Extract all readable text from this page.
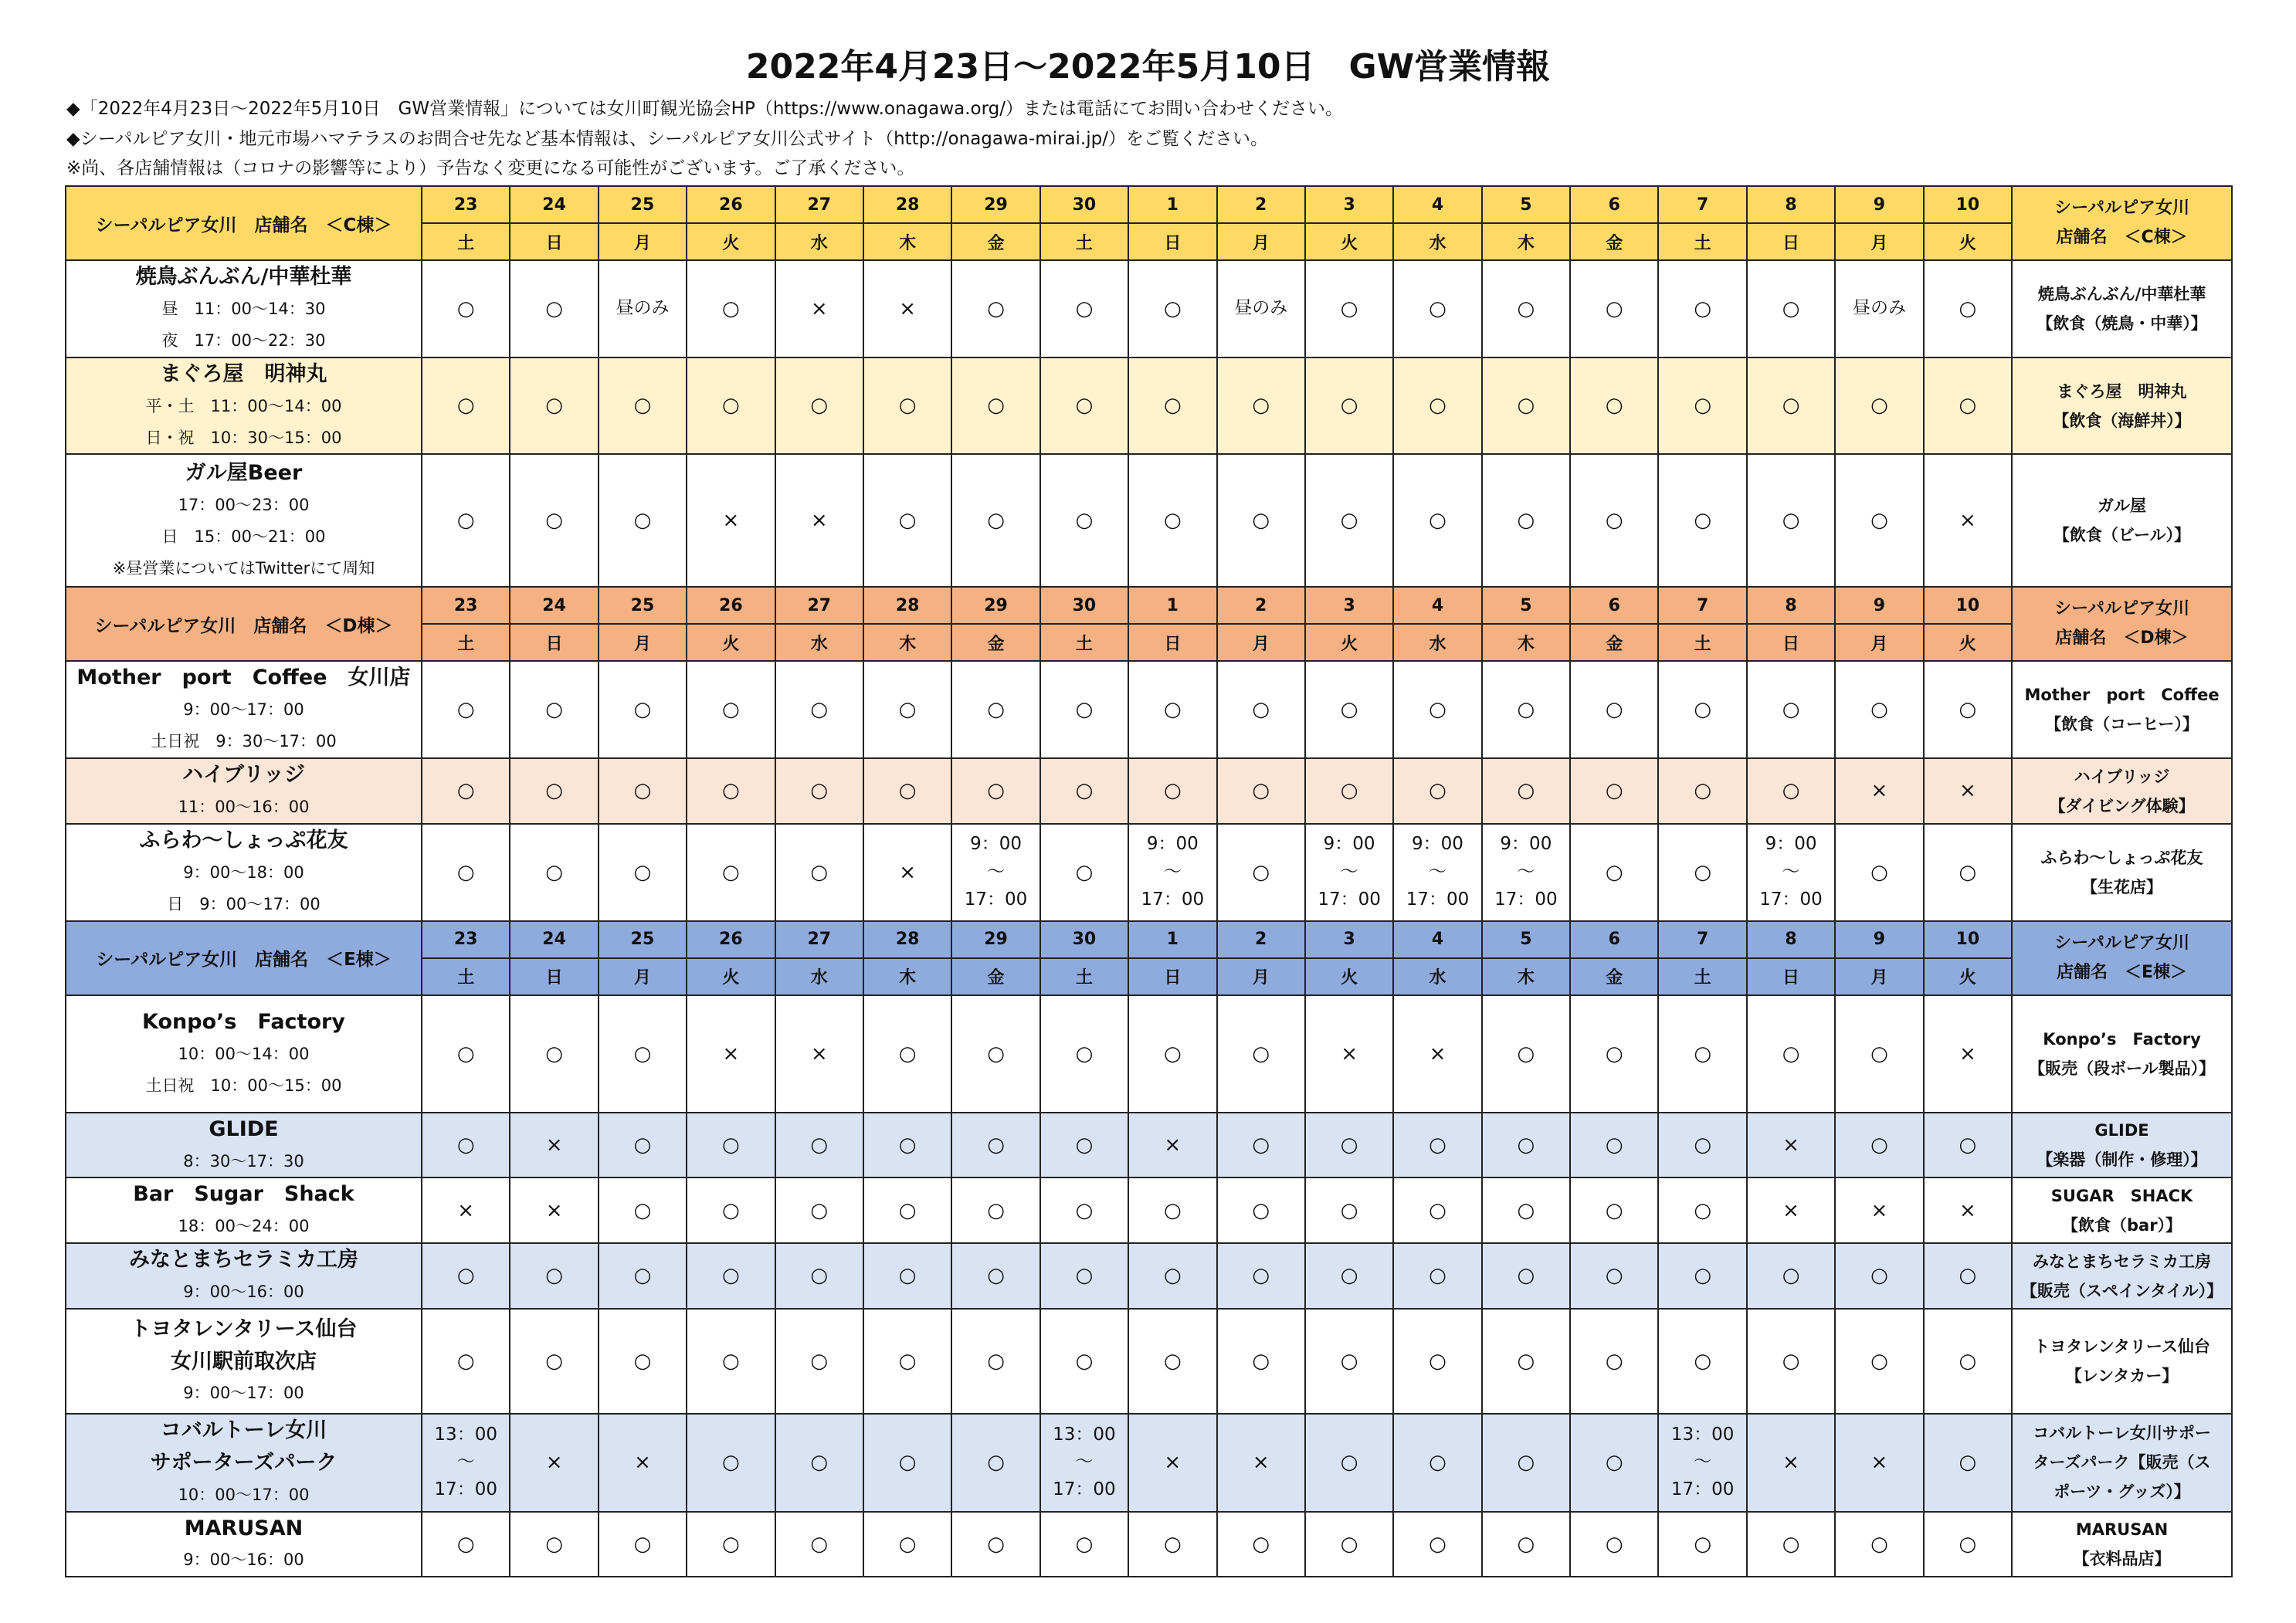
2022年4月23日～2022年5月10日　GW営業情報
◆「2022年4月23日～2022年5月10日　GW営業情報」については女川町観光協会HP（https://www.onagawa.org/）または電話にてお問い合わせください。
◆シーパルピア女川・地元市場ハマテラスのお問合せ先など基本情報は、シーパルピア女川公式サイト（http://onagawa-mirai.jp/）をご覧ください。
※尚、各店舗情報は（コロナの影響等により）予告なく変更になる可能性がございます。ご了承ください。
シーパルピア女川　店舗名　＜C棟＞	23	24	25	26	27	28	29	30	1	2	3	4	5	6	7	8	9	10	シーパルピア女川
店舗名　＜C棟＞

	土	日	月	火	水	木	金	土	日	月	火	水	木	金	土	日	月	火	

焼鳥ぶんぶん/中華杜華
昼　11：00～14：30
夜　17：00～22：30	○	○	昼のみ	○	×	×	○	○	○	昼のみ	○	○	○	○	○	○	昼のみ	○	焼鳥ぶんぶん/中華杜華
【飲食（焼鳥・中華）】

まぐろ屋　明神丸
平・土　11：00～14：00
日・祝　10：30～15：00	○	○	○	○	○	○	○	○	○	○	○	○	○	○	○	○	○	○	まぐろ屋　明神丸
【飲食（海鮮丼）】

ガル屋Beer
17：00～23：00
日　15：00～21：00
※昼営業についてはTwitterにて周知	○	○	○	×	×	○	○	○	○	○	○	○	○	○	○	○	○	×	ガル屋
【飲食（ビール）】

シーパルピア女川　店舗名　＜D棟＞	23	24	25	26	27	28	29	30	1	2	3	4	5	6	7	8	9	10	シーパルピア女川
店舗名　＜D棟＞

	土	日	月	火	水	木	金	土	日	月	火	水	木	金	土	日	月	火	

Mother　port　Coffee　女川店
9：00～17：00
土日祝　9：30～17：00	○	○	○	○	○	○	○	○	○	○	○	○	○	○	○	○	○	○	Mother　port　Coffee
【飲食（コーヒー）】

ハイブリッジ
11：00～16：00	○	○	○	○	○	○	○	○	○	○	○	○	○	○	○	○	×	×	ハイブリッジ
【ダイビング体験】

ふらわ～しょっぷ花友
9：00～18：00
日　9：00～17：00	○	○	○	○	○	×	9：00
～
17：00	○	9：00
～
17：00	○	9：00
～
17：00	9：00
～
17：00	9：00
～
17：00	○	○	9：00
～
17：00	○	○	ふらわ～しょっぷ花友
【生花店】

シーパルピア女川　店舗名　＜E棟＞	23	24	25	26	27	28	29	30	1	2	3	4	5	6	7	8	9	10	シーパルピア女川
店舗名　＜E棟＞

	土	日	月	火	水	木	金	土	日	月	火	水	木	金	土	日	月	火	

Konpo’s　Factory
10：00～14：00
土日祝　10：00～15：00	○	○	○	×	×	○	○	○	○	○	×	×	○	○	○	○	○	×	Konpo’s　Factory
【販売（段ボール製品）】

GLIDE
8：30～17：30	○	×	○	○	○	○	○	○	×	○	○	○	○	○	○	×	○	○	GLIDE
【楽器（制作・修理）】

Bar　Sugar　Shack
18：00～24：00	×	×	○	○	○	○	○	○	○	○	○	○	○	○	○	×	×	×	SUGAR　SHACK
【飲食（bar）】

みなとまちセラミカ工房
9：00～16：00	○	○	○	○	○	○	○	○	○	○	○	○	○	○	○	○	○	○	みなとまちセラミカ工房
【販売（スペインタイル）】

トヨタレンタリース仙台
女川駅前取次店
9：00～17：00	○	○	○	○	○	○	○	○	○	○	○	○	○	○	○	○	○	○	トヨタレンタリース仙台
【レンタカー】

コバルトーレ女川
サポーターズパーク
10：00～17：00	13：00
～
17：00	×	×	○	○	○	○	13：00
～
17：00	×	×	○	○	○	○	13：00
～
17：00	×	×	○	コバルトーレ女川サポー
ターズパーク【販売（ス
ポーツ・グッズ）】

MARUSAN
9：00～16：00	○	○	○	○	○	○	○	○	○	○	○	○	○	○	○	○	○	○	MARUSAN
【衣料品店】
